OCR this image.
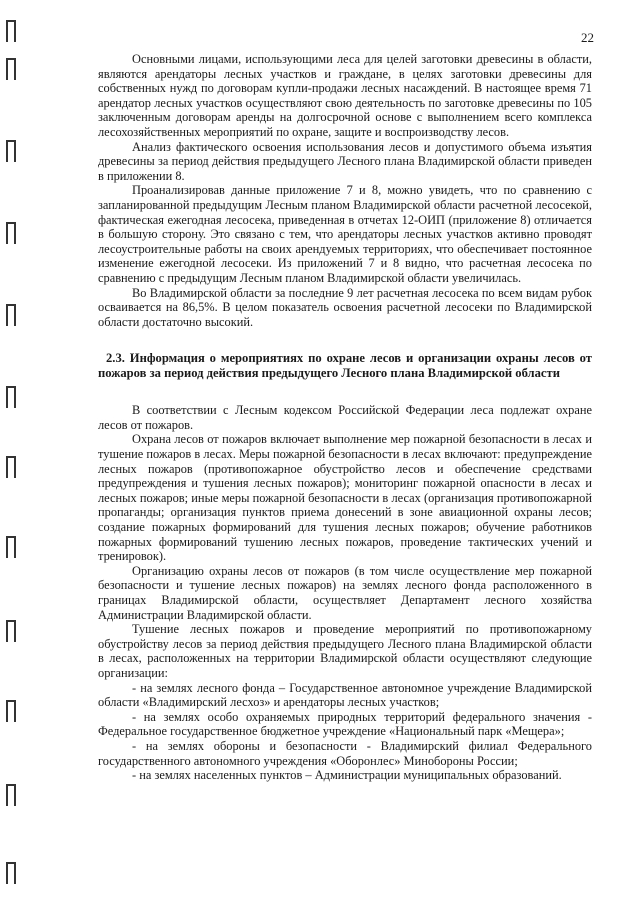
22

Основными лицами, использующими леса для целей заготовки древесины в области, являются арендаторы лесных участков и граждане, в целях заготовки древесины для собственных нужд по договорам купли-продажи лесных насаждений. В настоящее время 71 арендатор лесных участков осуществляют свою деятельность по заготовке древесины по 105 заключенным договорам аренды на долгосрочной основе с выполнением всего комплекса лесохозяйственных мероприятий по охране, защите и воспроизводству лесов.

Анализ фактического освоения использования лесов и допустимого объема изъятия древесины за период действия предыдущего Лесного плана Владимирской области приведен в приложении 8.

Проанализировав данные приложение 7 и 8, можно увидеть, что по сравнению с запланированной предыдущим Лесным планом Владимирской области расчетной лесосекой, фактическая ежегодная лесосека, приведенная в отчетах 12-ОИП (приложение 8) отличается в большую сторону. Это связано с тем, что арендаторы лесных участков активно проводят лесоустроительные работы на своих арендуемых территориях, что обеспечивает постоянное изменение ежегодной лесосеки. Из приложений 7 и 8 видно, что расчетная лесосека по сравнению с предыдущим Лесным планом Владимирской области увеличилась.

Во Владимирской области за последние 9 лет расчетная лесосека по всем видам рубок осваивается на 86,5%. В целом показатель освоения расчетной лесосеки по Владимирской области достаточно высокий.

2.3. Информация о мероприятиях по охране лесов и организации охраны лесов от пожаров за период действия предыдущего Лесного плана Владимирской области

В соответствии с Лесным кодексом Российской Федерации леса подлежат охране лесов от пожаров.

Охрана лесов от пожаров включает выполнение мер пожарной безопасности в лесах и тушение пожаров в лесах. Меры пожарной безопасности в лесах включают: предупреждение лесных пожаров (противопожарное обустройство лесов и обеспечение средствами предупреждения и тушения лесных пожаров); мониторинг пожарной опасности в лесах и лесных пожаров; иные меры пожарной безопасности в лесах (организация противопожарной пропаганды; организация пунктов приема донесений в зоне авиационной охраны лесов; создание пожарных формирований для тушения лесных пожаров; обучение работников пожарных формирований тушению лесных пожаров, проведение тактических учений и тренировок).

Организацию охраны лесов от пожаров (в том числе осуществление мер пожарной безопасности и тушение лесных пожаров) на землях лесного фонда расположенного в границах Владимирской области, осуществляет Департамент лесного хозяйства Администрации Владимирской области.

Тушение лесных пожаров и проведение мероприятий по противопожарному обустройству лесов за период действия предыдущего Лесного плана Владимирской области в лесах, расположенных на территории Владимирской области осуществляют следующие организации:

- на землях лесного фонда – Государственное автономное учреждение Владимирской области «Владимирский лесхоз» и арендаторы лесных участков;

- на землях особо охраняемых природных территорий федерального значения - Федеральное государственное бюджетное учреждение «Национальный парк «Мещера»;

- на землях обороны и безопасности - Владимирский филиал Федерального государственного автономного учреждения «Оборонлес» Минобороны России;

- на землях населенных пунктов – Администрации муниципальных образований.
